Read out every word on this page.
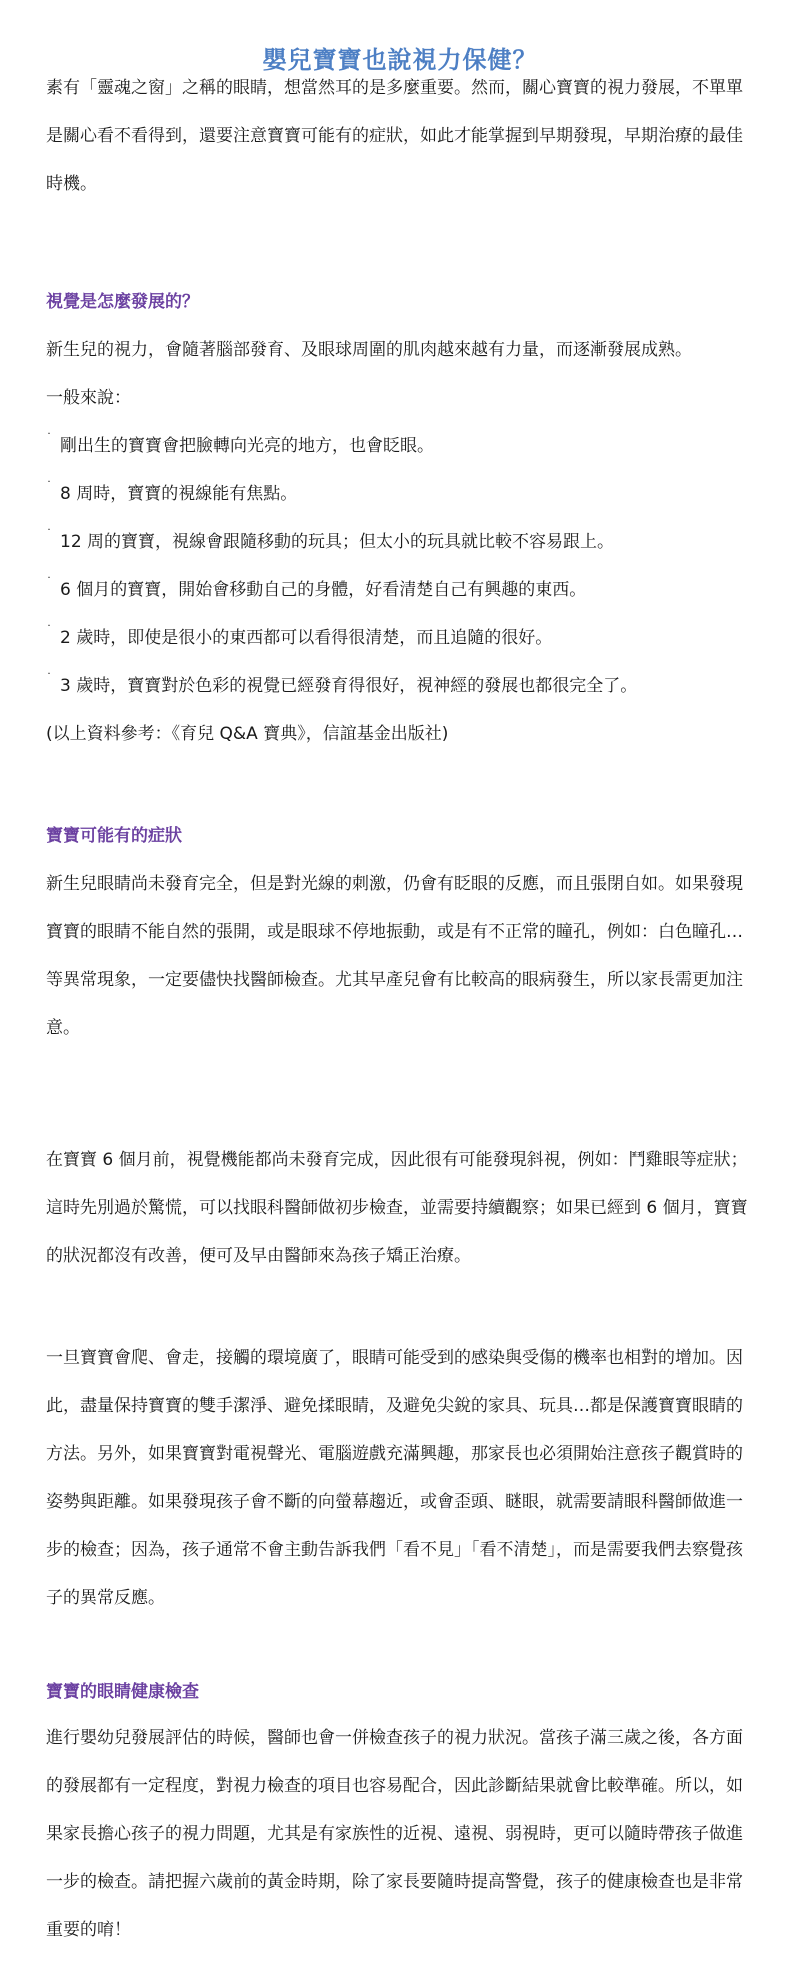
嬰兒寶寶也說視力保健？

素有「靈魂之窗」之稱的眼睛，想當然耳的是多麼重要。然而，關心寶寶的視力發展，不單單是關心看不看得到，還要注意寶寶可能有的症狀，如此才能掌握到早期發現，早期治療的最佳時機。

視覺是怎麼發展的？

新生兒的視力，會隨著腦部發育、及眼球周圍的肌肉越來越有力量，而逐漸發展成熟。

一般來說：

˙ 剛出生的寶寶會把臉轉向光亮的地方，也會眨眼。

˙ 8 周時，寶寶的視線能有焦點。

˙ 12 周的寶寶，視線會跟隨移動的玩具；但太小的玩具就比較不容易跟上。

˙ 6 個月的寶寶，開始會移動自己的身體，好看清楚自己有興趣的東西。

˙ 2 歲時，即使是很小的東西都可以看得很清楚，而且追隨的很好。

˙ 3 歲時，寶寶對於色彩的視覺已經發育得很好，視神經的發展也都很完全了。

(以上資料參考：《育兒 Q&A 寶典》，信誼基金出版社)

寶寶可能有的症狀

新生兒眼睛尚未發育完全，但是對光線的刺激，仍會有眨眼的反應，而且張閉自如。如果發現寶寶的眼睛不能自然的張開，或是眼球不停地振動，或是有不正常的瞳孔，例如：白色瞳孔…等異常現象，一定要儘快找醫師檢查。尤其早產兒會有比較高的眼病發生，所以家長需更加注意。

在寶寶 6 個月前，視覺機能都尚未發育完成，因此很有可能發現斜視，例如：鬥雞眼等症狀；這時先別過於驚慌，可以找眼科醫師做初步檢查，並需要持續觀察；如果已經到 6 個月，寶寶的狀況都沒有改善，便可及早由醫師來為孩子矯正治療。

一旦寶寶會爬、會走，接觸的環境廣了，眼睛可能受到的感染與受傷的機率也相對的增加。因此，盡量保持寶寶的雙手潔淨、避免揉眼睛，及避免尖銳的家具、玩具…都是保護寶寶眼睛的方法。另外，如果寶寶對電視聲光、電腦遊戲充滿興趣，那家長也必須開始注意孩子觀賞時的姿勢與距離。如果發現孩子會不斷的向螢幕趨近，或會歪頭、瞇眼，就需要請眼科醫師做進一步的檢查；因為，孩子通常不會主動告訴我們「看不見」「看不清楚」，而是需要我們去察覺孩子的異常反應。

寶寶的眼睛健康檢查

進行嬰幼兒發展評估的時候，醫師也會一併檢查孩子的視力狀況。當孩子滿三歲之後，各方面的發展都有一定程度，對視力檢查的項目也容易配合，因此診斷結果就會比較準確。所以，如果家長擔心孩子的視力問題，尤其是有家族性的近視、遠視、弱視時，更可以隨時帶孩子做進一步的檢查。請把握六歲前的黃金時期，除了家長要隨時提高警覺，孩子的健康檢查也是非常重要的唷！
